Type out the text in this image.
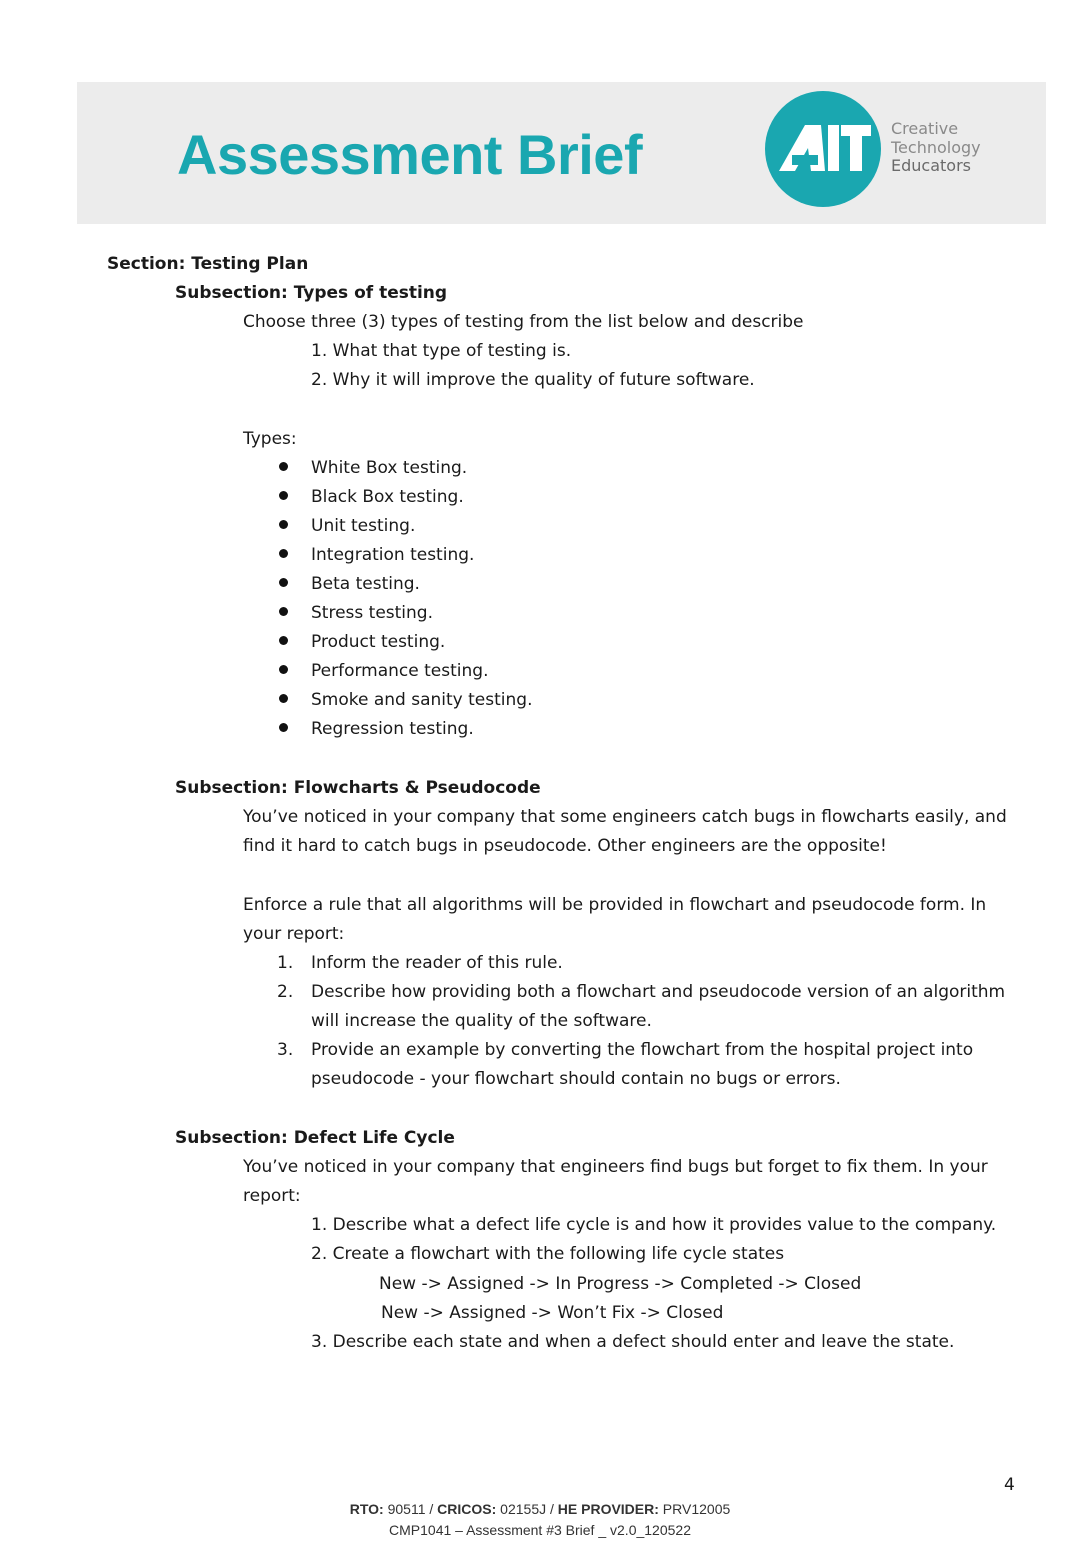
Assessment Brief	Creative
Technology
Educators
Section: Testing Plan
Subsection: Types of testing
Choose three (3) types of testing from the list below and describe
1. What that type of testing is.
2. Why it will improve the quality of future software.
Types:
White Box testing.
Black Box testing.
Unit testing.
Integration testing.
Beta testing.
Stress testing.
Product testing.
Performance testing.
Smoke and sanity testing.
Regression testing.
Subsection: Flowcharts & Pseudocode
You’ve noticed in your company that some engineers catch bugs in flowcharts easily, and
find it hard to catch bugs in pseudocode. Other engineers are the opposite!
Enforce a rule that all algorithms will be provided in flowchart and pseudocode form. In
your report:
1. Inform the reader of this rule.
2. Describe how providing both a flowchart and pseudocode version of an algorithm
will increase the quality of the software.
3. Provide an example by converting the flowchart from the hospital project into
pseudocode - your flowchart should contain no bugs or errors.
Subsection: Defect Life Cycle
You’ve noticed in your company that engineers find bugs but forget to fix them. In your
report:
1. Describe what a defect life cycle is and how it provides value to the company.
2. Create a flowchart with the following life cycle states
New -> Assigned -> In Progress -> Completed -> Closed
New -> Assigned -> Won’t Fix -> Closed
3. Describe each state and when a defect should enter and leave the state.
4
RTO: 90511 / CRICOS: 02155J / HE PROVIDER: PRV12005
CMP1041 – Assessment #3 Brief _ v2.0_120522
